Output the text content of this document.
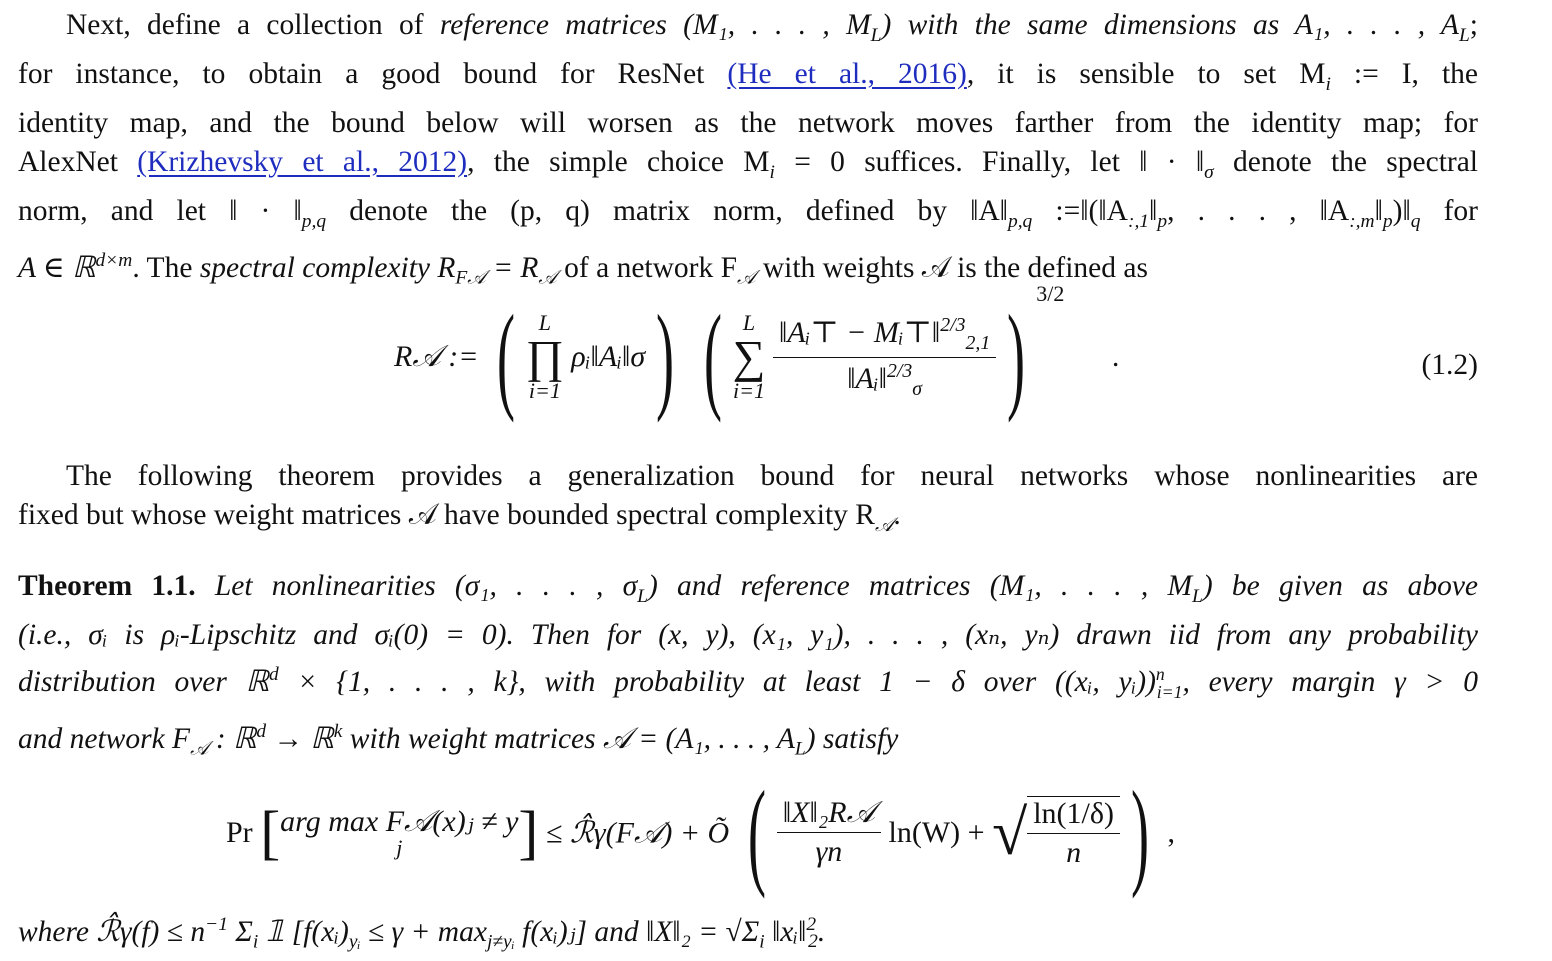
Next, define a collection of reference matrices (M₁, . . . , $M_L$) with the same dimensions as A₁, . . . , $A_L$;
for instance, to obtain a good bound for ResNet (He et al., 2016), it is sensible to set $M_i$ := I, the
identity map, and the bound below will worsen as the network moves farther from the identity map; for
AlexNet (Krizhevsky et al., 2012), the simple choice $M_i = 0$ suffices. Finally, let ‖ · $‖_\sigma$ denote the spectral
norm, and let ‖ · $‖_{p,q}$ denote the (p, q) matrix norm, defined by $‖A‖_{p,q}$ $:=‖(‖A_{:,1}‖_p$, . . . , $‖A_{:,m}‖_p)‖_q$ for
A ∈ ℝ$^{d\times m}$. The spectral complexity $R_{F𝒜} = R_𝒜$ of a network $F_𝒜$ with weights 𝒜 is the defined as

R𝒜 := (	L
∏
i=1
ρᵢ‖Aᵢ‖σ) ( L
∑
i=1
$\frac{‖Aᵢ⊤ - Mᵢ⊤‖^{2/3}_{2,1}}{‖Aᵢ‖^{2/3}_\sigma}$ ) $^{3/2}$ .	(1.2)

The following theorem provides a generalization bound for neural networks whose nonlinearities are
fixed but whose weight matrices 𝒜 have bounded spectral complexity $R_𝒜$.

Theorem 1.1. Let nonlinearities (σ₁, . . . , $\sigma_L$) and reference matrices (M₁, . . . , $M_L$) be given as above
(i.e., σᵢ is ρᵢ-Lipschitz and σᵢ(0) = 0). Then for (x, y), (x₁, y₁), . . . , (xₙ, yₙ) drawn iid from any probability
distribution over ℝ$^d$ × {1, . . . , k}, with probability at least 1 − δ over ((xᵢ, yᵢ))$^n_{i=1}$, every margin γ > 0
and network $F_𝒜$ : ℝ$^d$ → ℝ$^k$ with weight matrices 𝒜 = (A₁, . . . , $A_L$) satisfy

Pr [ arg max F𝒜(x)ⱼ ≠ y
j	] ≤ ℛ̂γ(F𝒜) + Õ ( $\frac{\text{‖X‖₂R𝒜}}{\gamma n} \ln(W)$ + √ $\frac{\ln(1/\delta)}{n}$ ) ,

where ℛ̂γ(f) ≤ $n^{-1}$ $\Sigma_i$ 𝟙 [$f(xᵢ)_{yᵢ} \le \gamma + \max_{j\ne yᵢ}$ f(xᵢ)ⱼ] and ‖X‖₂ = $√\Sigma_i$ ‖xᵢ‖$^2_2$.
